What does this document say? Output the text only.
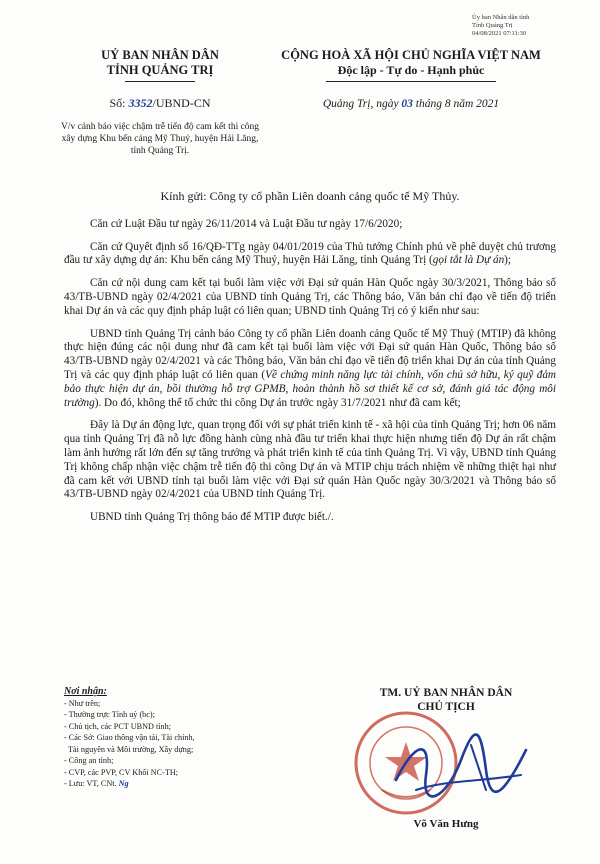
Ủy ban Nhân dân tỉnh
Tỉnh Quảng Trị
04/08/2021 07:11:30
UỶ BAN NHÂN DÂN
TỈNH QUẢNG TRỊ
Số: 3352/UBND-CN
V/v cảnh báo việc chậm trễ tiến độ cam kết thi công xây dựng Khu bến cảng Mỹ Thuỷ, huyện Hải Lăng, tỉnh Quảng Trị.
CỘNG HOÀ XÃ HỘI CHỦ NGHĨA VIỆT NAM
Độc lập - Tự do - Hạnh phúc
Quảng Trị, ngày 03 tháng 8 năm 2021
Kính gửi: Công ty cổ phần Liên doanh cảng quốc tế Mỹ Thủy.

Căn cứ Luật Đầu tư ngày 26/11/2014 và Luật Đầu tư ngày 17/6/2020;

Căn cứ Quyết định số 16/QĐ-TTg ngày 04/01/2019 của Thủ tướng Chính phủ về phê duyệt chủ trương đầu tư xây dựng dự án: Khu bến cảng Mỹ Thuỷ, huyện Hải Lăng, tỉnh Quảng Trị (gọi tắt là Dự án);

Căn cứ nội dung cam kết tại buổi làm việc với Đại sứ quán Hàn Quốc ngày 30/3/2021, Thông báo số 43/TB-UBND ngày 02/4/2021 của UBND tỉnh Quảng Trị, các Thông báo, Văn bản chỉ đạo về tiến độ triển khai Dự án và các quy định pháp luật có liên quan; UBND tỉnh Quảng Trị có ý kiến như sau:

UBND tỉnh Quảng Trị cảnh báo Công ty cổ phần Liên doanh cảng Quốc tế Mỹ Thuỷ (MTIP) đã không thực hiện đúng các nội dung như đã cam kết tại buổi làm việc với Đại sứ quán Hàn Quốc, Thông báo số 43/TB-UBND ngày 02/4/2021 và các Thông báo, Văn bản chỉ đạo về tiến độ triển khai Dự án của tỉnh Quảng Trị và các quy định pháp luật có liên quan (Về chứng minh năng lực tài chính, vốn chủ sở hữu, ký quỹ đảm bảo thực hiện dự án, bồi thường hỗ trợ GPMB, hoàn thành hồ sơ thiết kế cơ sở, đánh giá tác động môi trường). Do đó, không thể tổ chức thi công Dự án trước ngày 31/7/2021 như đã cam kết;

Đây là Dự án động lực, quan trọng đối với sự phát triển kinh tế - xã hội của tỉnh Quảng Trị; hơn 06 năm qua tỉnh Quảng Trị đã nỗ lực đồng hành cùng nhà đầu tư triển khai thực hiện nhưng tiến độ Dự án rất chậm làm ảnh hưởng rất lớn đến sự tăng trưởng và phát triển kinh tế của tỉnh Quảng Trị. Vì vậy, UBND tỉnh Quảng Trị không chấp nhận việc chậm trễ tiến độ thi công Dự án và MTIP chịu trách nhiệm về những thiệt hại như đã cam kết với UBND tỉnh tại buổi làm việc với Đại sứ quán Hàn Quốc ngày 30/3/2021 và Thông báo số 43/TB-UBND ngày 02/4/2021 của UBND tỉnh Quảng Trị.

UBND tỉnh Quảng Trị thông báo để MTIP được biết./.

Nơi nhận:
- Như trên;
- Thường trực Tỉnh uỷ (bc);
- Chủ tịch, các PCT UBND tỉnh;
- Các Sở: Giao thông vận tải, Tài chính,
Tài nguyên và Môi trường, Xây dựng;
- Công an tỉnh;
- CVP, các PVP, CV Khối NC-TH;
- Lưu: VT, CNt. Ng
TM. UỶ BAN NHÂN DÂN
CHỦ TỊCH
Võ Văn Hưng
